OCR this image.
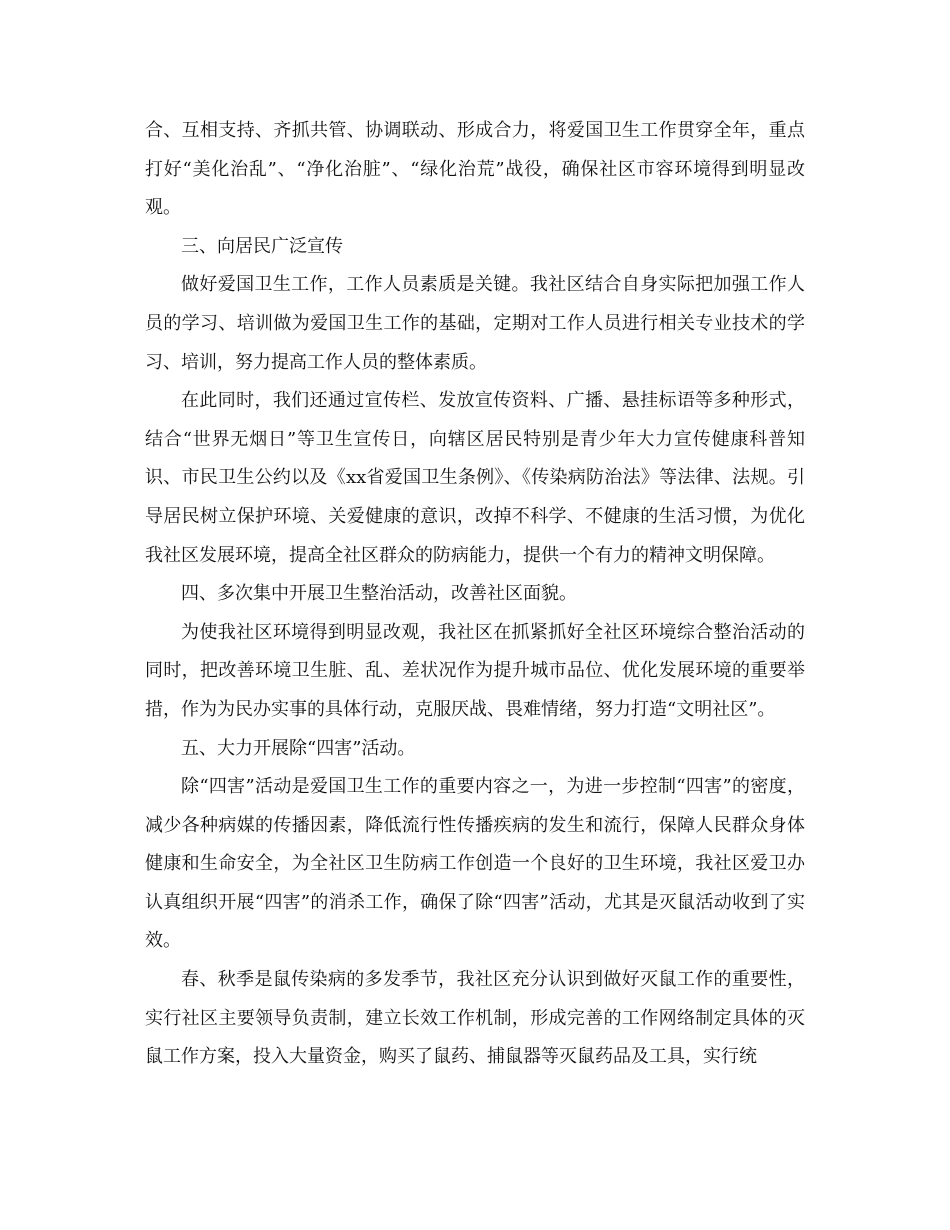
合、互相支持、齐抓共管、协调联动、形成合力，将爱国卫生工作贯穿全年，重点打好“美化治乱”、“净化治脏”、“绿化治荒”战役，确保社区市容环境得到明显改观。

三、向居民广泛宣传

做好爱国卫生工作，工作人员素质是关键。我社区结合自身实际把加强工作人员的学习、培训做为爱国卫生工作的基础，定期对工作人员进行相关专业技术的学习、培训，努力提高工作人员的整体素质。

在此同时，我们还通过宣传栏、发放宣传资料、广播、悬挂标语等多种形式，结合“世界无烟日”等卫生宣传日，向辖区居民特别是青少年大力宣传健康科普知识、市民卫生公约以及《xx省爱国卫生条例》、《传染病防治法》等法律、法规。引导居民树立保护环境、关爱健康的意识，改掉不科学、不健康的生活习惯，为优化我社区发展环境，提高全社区群众的防病能力，提供一个有力的精神文明保障。

四、多次集中开展卫生整治活动，改善社区面貌。

为使我社区环境得到明显改观，我社区在抓紧抓好全社区环境综合整治活动的同时，把改善环境卫生脏、乱、差状况作为提升城市品位、优化发展环境的重要举措，作为为民办实事的具体行动，克服厌战、畏难情绪，努力打造“文明社区”。

五、大力开展除“四害”活动。

除“四害”活动是爱国卫生工作的重要内容之一，为进一步控制“四害”的密度，减少各种病媒的传播因素，降低流行性传播疾病的发生和流行，保障人民群众身体健康和生命安全，为全社区卫生防病工作创造一个良好的卫生环境，我社区爱卫办认真组织开展“四害”的消杀工作，确保了除“四害”活动，尤其是灭鼠活动收到了实效。

春、秋季是鼠传染病的多发季节，我社区充分认识到做好灭鼠工作的重要性，实行社区主要领导负责制，建立长效工作机制，形成完善的工作网络制定具体的灭鼠工作方案，投入大量资金，购买了鼠药、捕鼠器等灭鼠药品及工具，实行统
